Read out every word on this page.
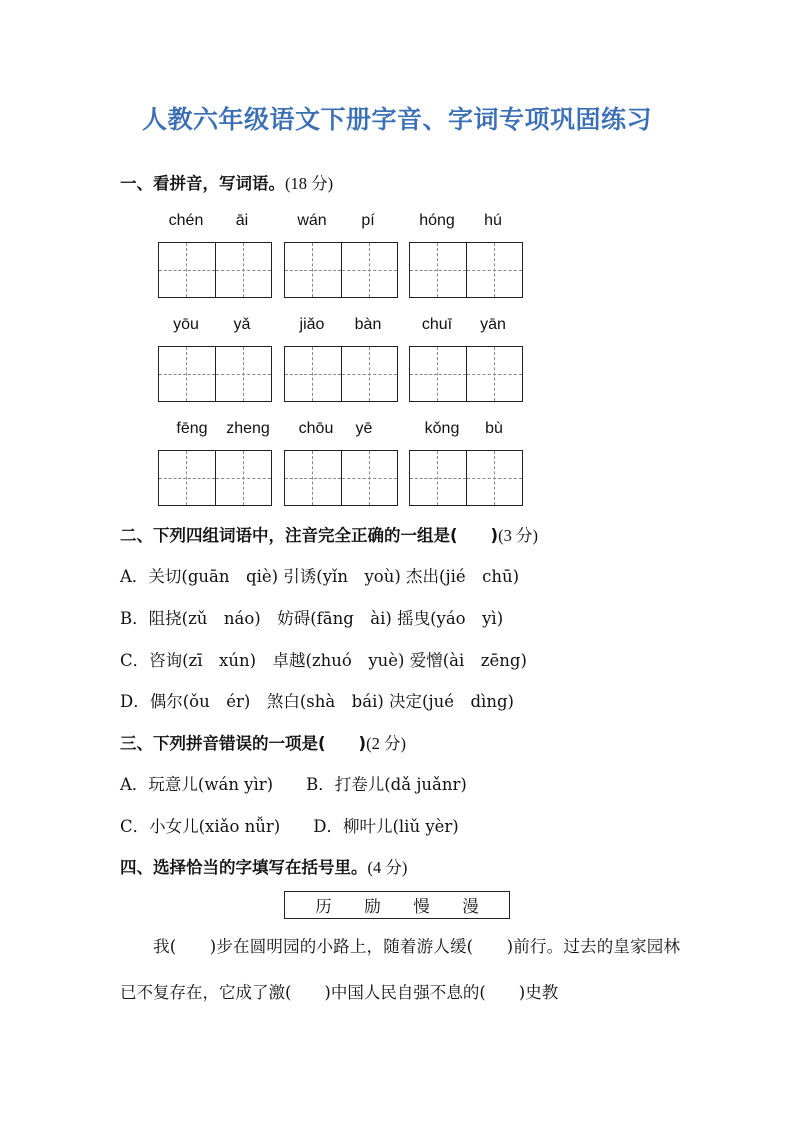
人教六年级语文下册字音、字词专项巩固练习
一、看拼音，写词语。(18 分)
chén	āi	wán	pí	hóng	hú
yōu	yǎ	jiǎo	bàn	chuī	yān
fēng	zheng	chōu	yē	kǒng	bù
二、下列四组词语中，注音完全正确的一组是(　　)(3 分)
A．关切(guān　qiè) 引诱(yǐn　yoù) 杰出(jié　chū)
B．阻挠(zǔ　náo)　妨碍(fāng　ài) 摇曳(yáo　yì)
C．咨询(zī　xún)　卓越(zhuó　yuè) 爱憎(ài　zēng)
D．偶尔(ǒu　ér)　煞白(shà　bái) 决定(jué　dìng)
三、下列拼音错误的一项是(　　)(2 分)
A．玩意儿(wán yìr)　　B．打卷儿(dǎ juǎnr)
C．小女儿(xiǎo nǚr)　　D．柳叶儿(liǔ yèr)
四、选择恰当的字填写在括号里。(4 分)
历 励 慢 漫
我(　　)步在圆明园的小路上，随着游人缓(　　)前行。过去的皇家园林已不复存在，它成了激(　　)中国人民自强不息的(　　)史教
